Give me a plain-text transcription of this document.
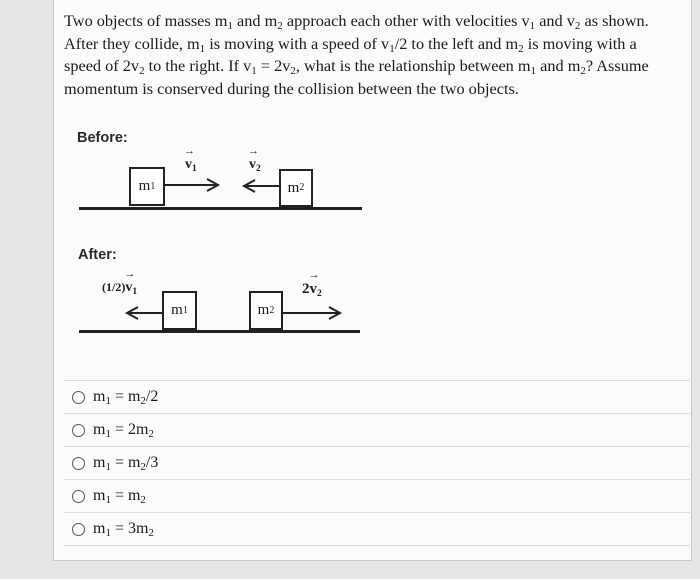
Two objects of masses $m_1$ and $m_2$ approach each other with velocities $v_1$ and $v_2$ as shown.
After they collide, $m_1$ is moving with a speed of $v_1/2$ to the left and $m_2$ is moving with a
speed of $2v_2$ to the right. If $v_1 = 2v_2$, what is the relationship between $m_1$ and $m_2$? Assume
momentum is conserved during the collision between the two objects.
Before:
m 1	m 2
→ $v_1$
→	$v_2$
After:
$(1/2)\to v_1$	$2\to v_2$
m 1	m 2
$m_1 = m_2/2$
$m_1 = 2m_2$
$m_1 = m_2/3$
$m_1 = m_2$
$m_1 = 3m_2$
